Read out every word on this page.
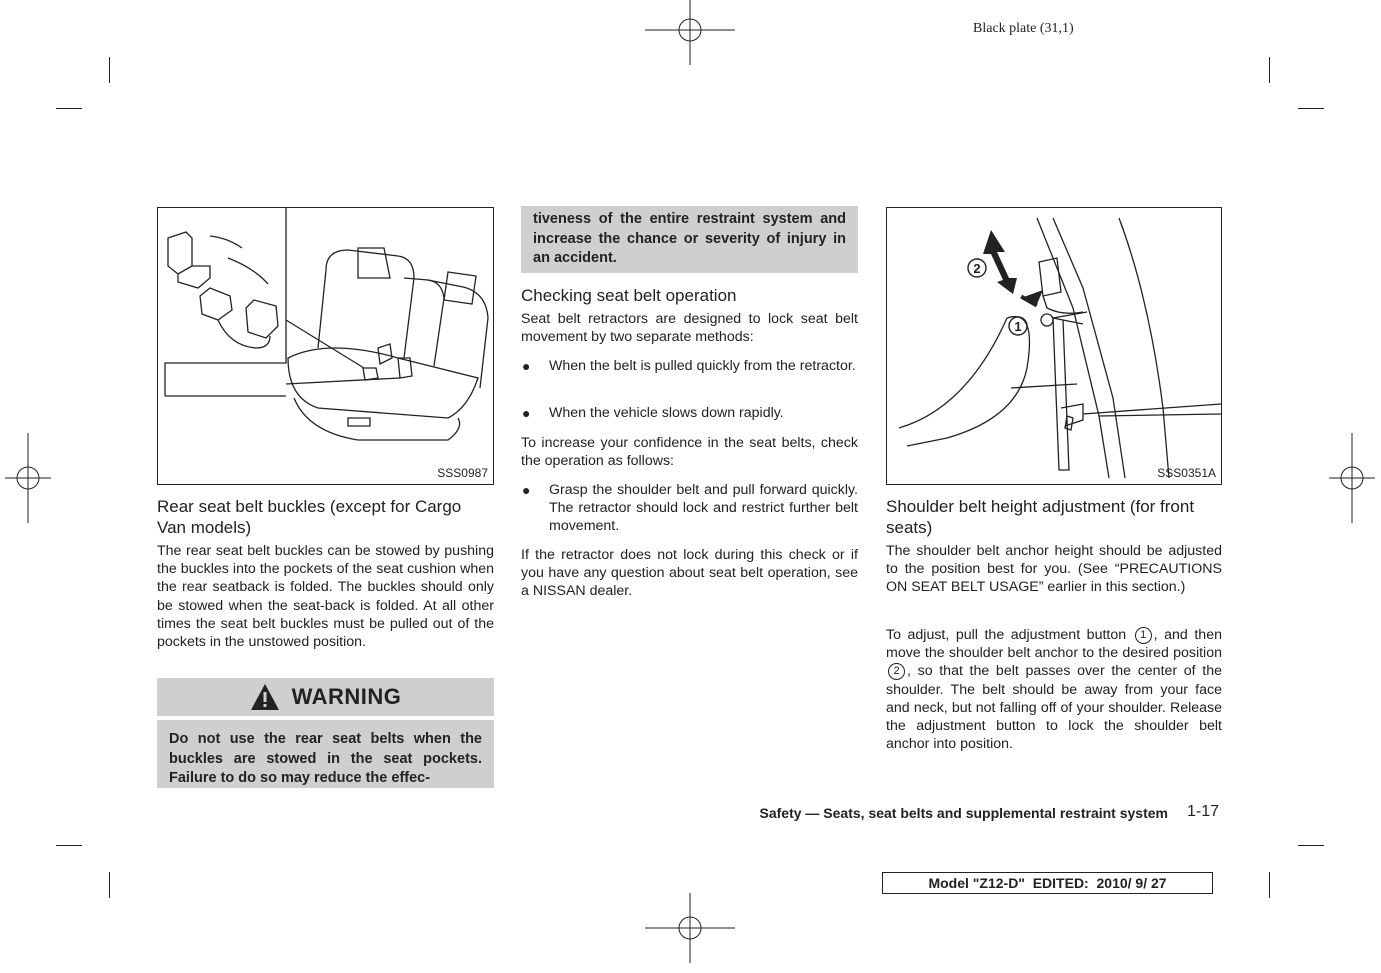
Black plate (31,1)
SSS0987
Rear seat belt buckles (except for Cargo Van models)

The rear seat belt buckles can be stowed by pushing the buckles into the pockets of the seat cushion when the rear seatback is folded. The buckles should only be stowed when the seat-back is folded. At all other times the seat belt buckles must be pulled out of the pockets in the unstowed position.

WARNING
Do not use the rear seat belts when the buckles are stowed in the seat pockets. Failure to do so may reduce the effec-
tiveness of the entire restraint system and increase the chance or severity of injury in an accident.
Checking seat belt operation

Seat belt retractors are designed to lock seat belt movement by two separate methods:

● When the belt is pulled quickly from the retractor.
● When the vehicle slows down rapidly.

To increase your confidence in the seat belts, check the operation as follows:

● Grasp the shoulder belt and pull forward quickly. The retractor should lock and restrict further belt movement.

If the retractor does not lock during this check or if you have any question about seat belt operation, see a NISSAN dealer.

2
1
SSS0351A
Shoulder belt height adjustment (for front seats)

The shoulder belt anchor height should be adjusted to the position best for you. (See “PRECAUTIONS ON SEAT BELT USAGE” earlier in this section.)

To adjust, pull the adjustment button 1 , and then move the shoulder belt anchor to the desired position 2 , so that the belt passes over the center of the shoulder. The belt should be away from your face and neck, but not falling off of your shoulder. Release the adjustment button to lock the shoulder belt anchor into position.

Safety — Seats, seat belts and supplemental restraint system 1-17
Model "Z12-D"  EDITED:  2010/ 9/ 27
